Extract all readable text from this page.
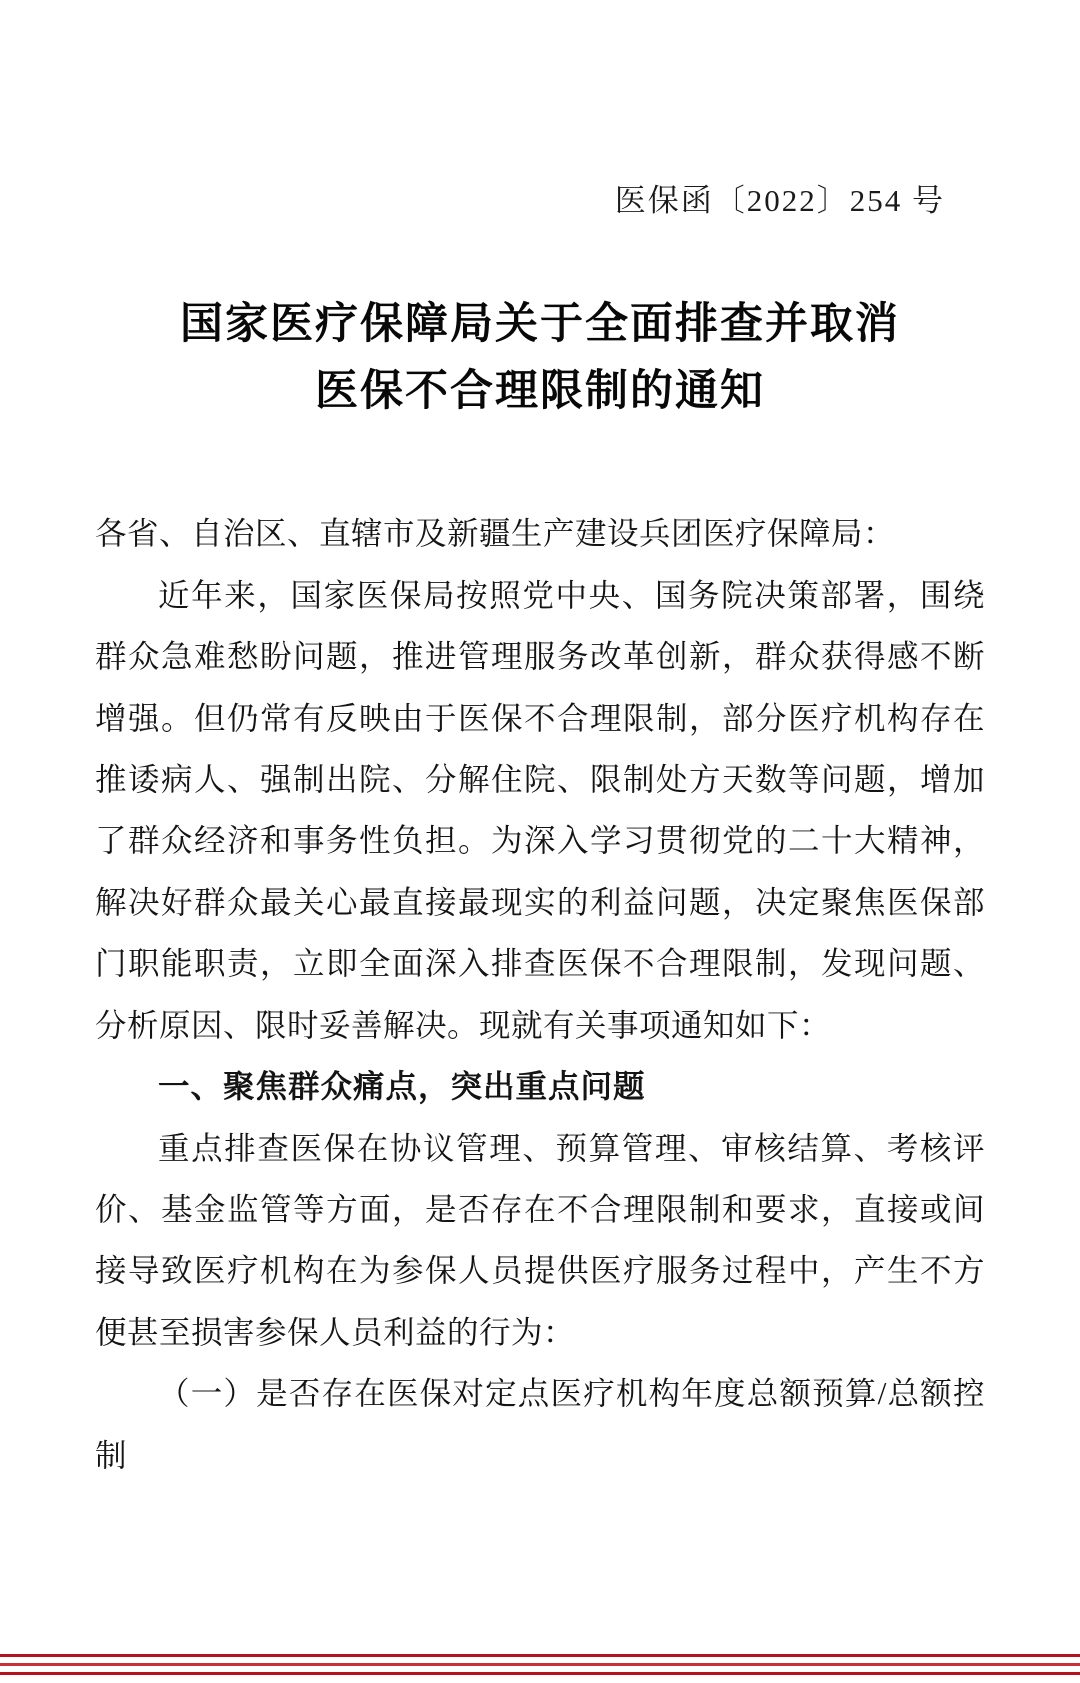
医保函〔2022〕254 号
国家医疗保障局关于全面排查并取消
医保不合理限制的通知

各省、自治区、直辖市及新疆生产建设兵团医疗保障局：

近年来，国家医保局按照党中央、国务院决策部署，围绕群众急难愁盼问题，推进管理服务改革创新，群众获得感不断增强。但仍常有反映由于医保不合理限制，部分医疗机构存在推诿病人、强制出院、分解住院、限制处方天数等问题，增加了群众经济和事务性负担。为深入学习贯彻党的二十大精神，解决好群众最关心最直接最现实的利益问题，决定聚焦医保部门职能职责，立即全面深入排查医保不合理限制，发现问题、分析原因、限时妥善解决。现就有关事项通知如下：

一、聚焦群众痛点，突出重点问题

重点排查医保在协议管理、预算管理、审核结算、考核评价、基金监管等方面，是否存在不合理限制和要求，直接或间接导致医疗机构在为参保人员提供医疗服务过程中，产生不方便甚至损害参保人员利益的行为：

（一）是否存在医保对定点医疗机构年度总额预算/总额控制
